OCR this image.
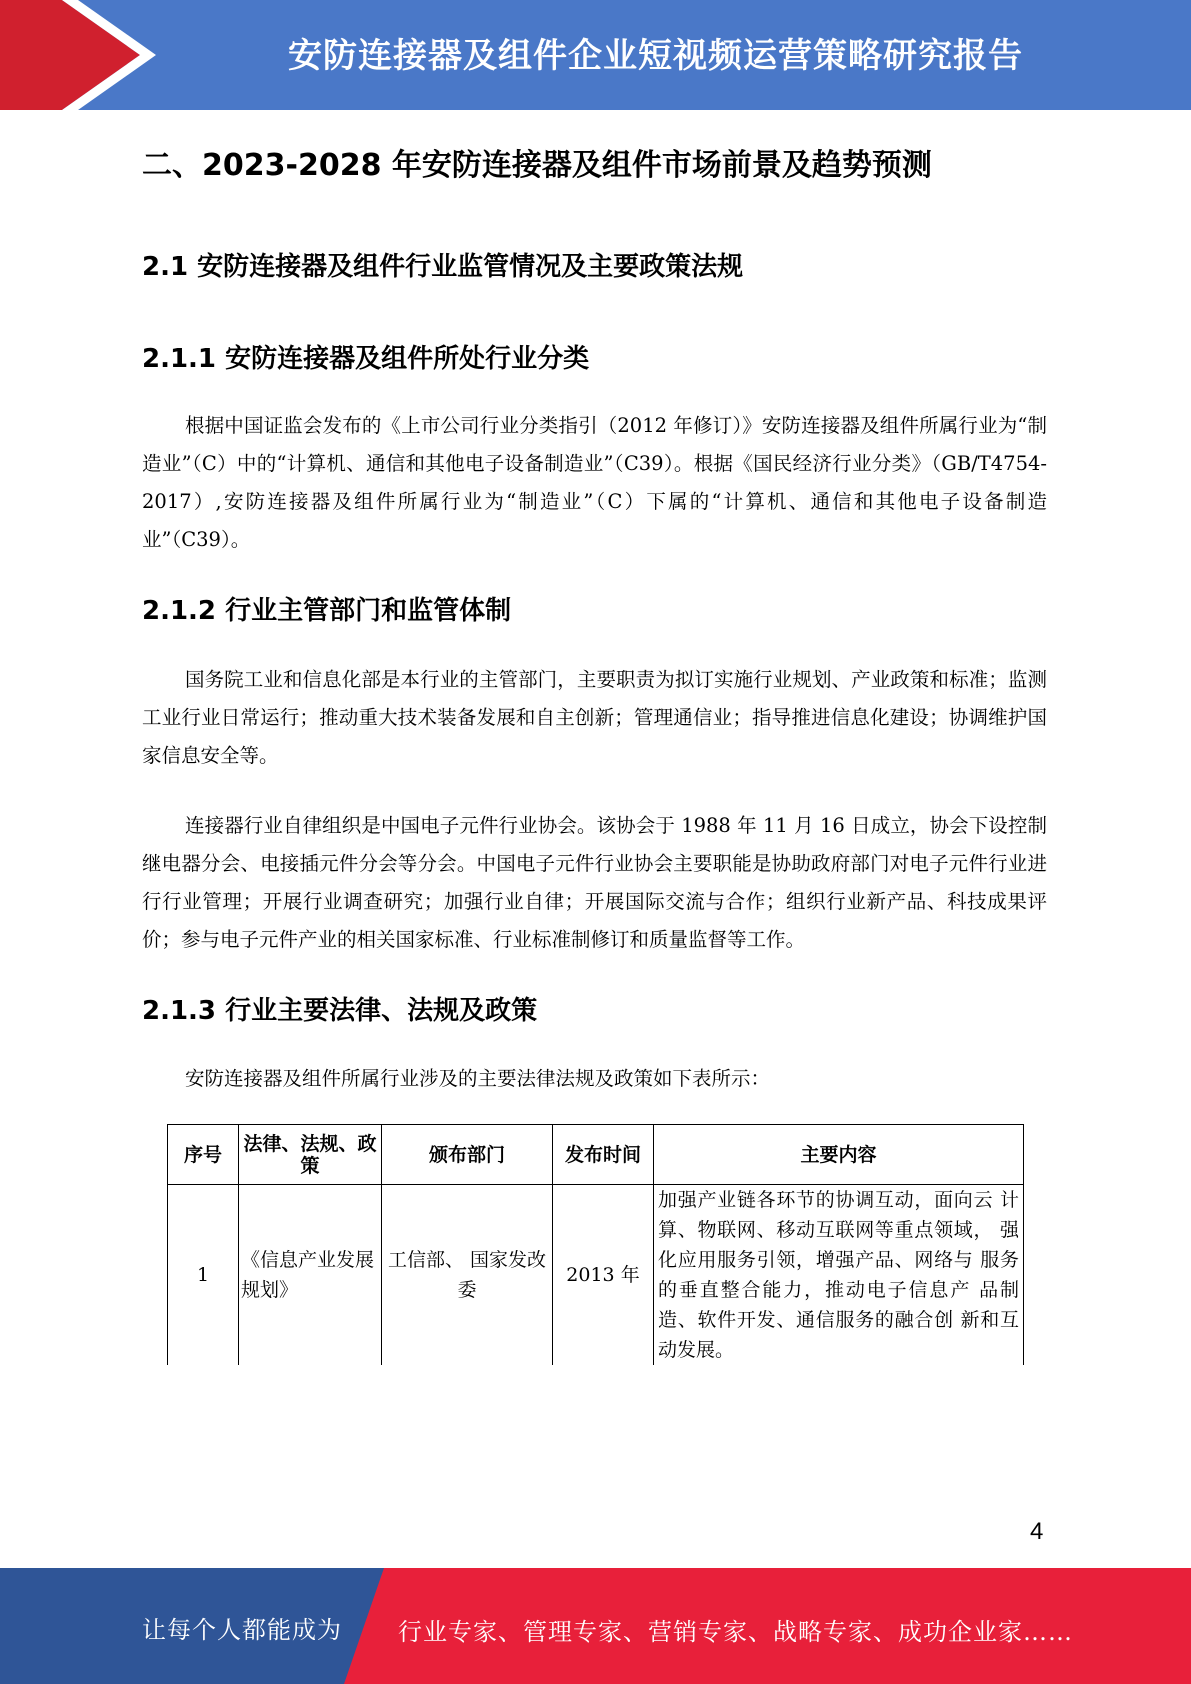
安防连接器及组件企业短视频运营策略研究报告
二、2023-2028 年安防连接器及组件市场前景及趋势预测
2.1 安防连接器及组件行业监管情况及主要政策法规
2.1.1 安防连接器及组件所处行业分类
根据中国证监会发布的《上市公司行业分类指引（2012 年修订）》安防连接器及组件所属行业为“制造业”（C）中的“计算机、通信和其他电子设备制造业”（C39）。根据《国民经济行业分类》（GB/T4754-2017）,安防连接器及组件所属行业为“制造业”（C）下属的“计算机、通信和其他电子设备制造业”（C39）。
2.1.2 行业主管部门和监管体制
国务院工业和信息化部是本行业的主管部门，主要职责为拟订实施行业规划、产业政策和标准；监测工业行业日常运行；推动重大技术装备发展和自主创新；管理通信业；指导推进信息化建设；协调维护国家信息安全等。
连接器行业自律组织是中国电子元件行业协会。该协会于 1988 年 11 月 16 日成立，协会下设控制继电器分会、电接插元件分会等分会。中国电子元件行业协会主要职能是协助政府部门对电子元件行业进行行业管理；开展行业调查研究；加强行业自律；开展国际交流与合作；组织行业新产品、科技成果评价；参与电子元件产业的相关国家标准、行业标准制修订和质量监督等工作。
2.1.3 行业主要法律、法规及政策
安防连接器及组件所属行业涉及的主要法律法规及政策如下表所示：
序号	法律、法规、政策	颁布部门	发布时间	主要内容
1	《信息产业发展规划》	工信部、 国家发改委	2013 年	加强产业链各环节的协调互动，面向云 计算、物联网、移动互联网等重点领域， 强化应用服务引领，增强产品、网络与 服务的垂直整合能力，推动电子信息产 品制造、软件开发、通信服务的融合创 新和互动发展。
4
让每个人都能成为 行业专家、管理专家、营销专家、战略专家、成功企业家……
